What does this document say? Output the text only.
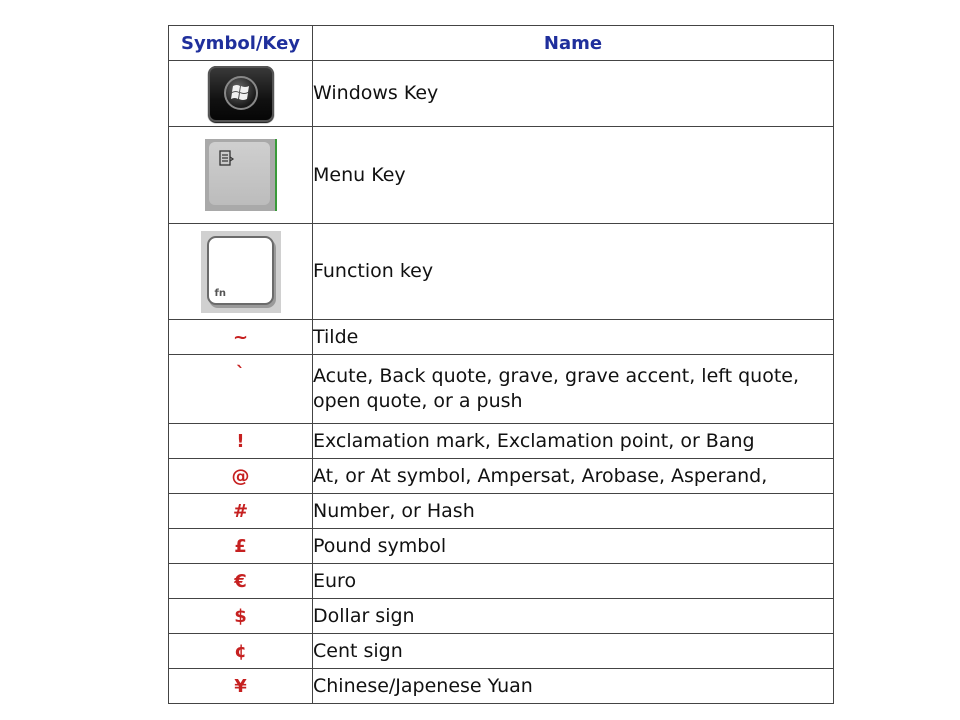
Symbol/Key	Name

	Windows Key

	Menu Key

fn	Function key
~	Tilde
`	Acute, Back quote, grave, grave accent, left quote, open quote, or a push
!	Exclamation mark, Exclamation point, or Bang
@	At, or At symbol, Ampersat, Arobase, Asperand,
#	Number, or Hash
£	Pound symbol
€	Euro
$	Dollar sign
¢	Cent sign
¥	Chinese/Japenese Yuan
